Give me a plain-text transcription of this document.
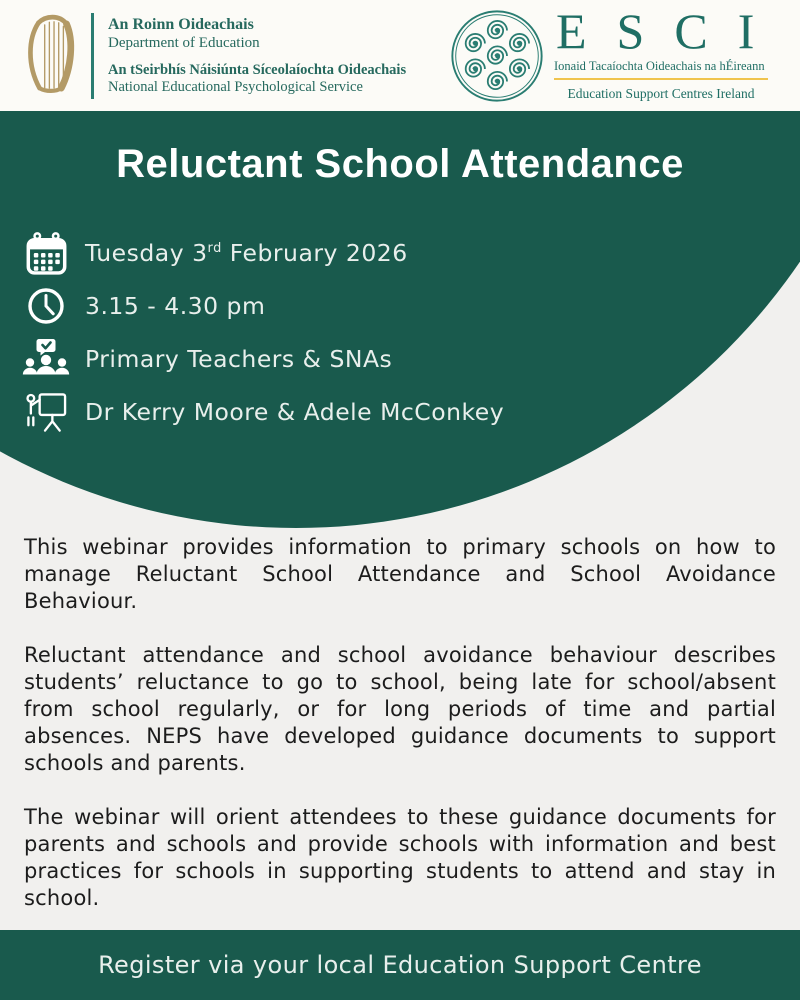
An Roinn Oideachais
Department of Education
An tSeirbhís Náisiúnta Síceolaíochta Oideachais
National Educational Psychological Service
ESCI
Ionaid Tacaíochta Oideachais na hÉireann
Education Support Centres Ireland
Reluctant School Attendance
Tuesday 3rd February 2026
3.15 - 4.30 pm
Primary Teachers & SNAs
Dr Kerry Moore & Adele McConkey

This webinar provides information to primary schools on how to manage Reluctant School Attendance and School Avoidance Behaviour.

Reluctant attendance and school avoidance behaviour describes students’ reluctance to go to school, being late for school/absent from school regularly, or for long periods of time and partial absences. NEPS have developed guidance documents to support schools and parents.

The webinar will orient attendees to these guidance documents for parents and schools and provide schools with information and best practices for schools in supporting students to attend and stay in school.

Register via your local Education Support Centre
